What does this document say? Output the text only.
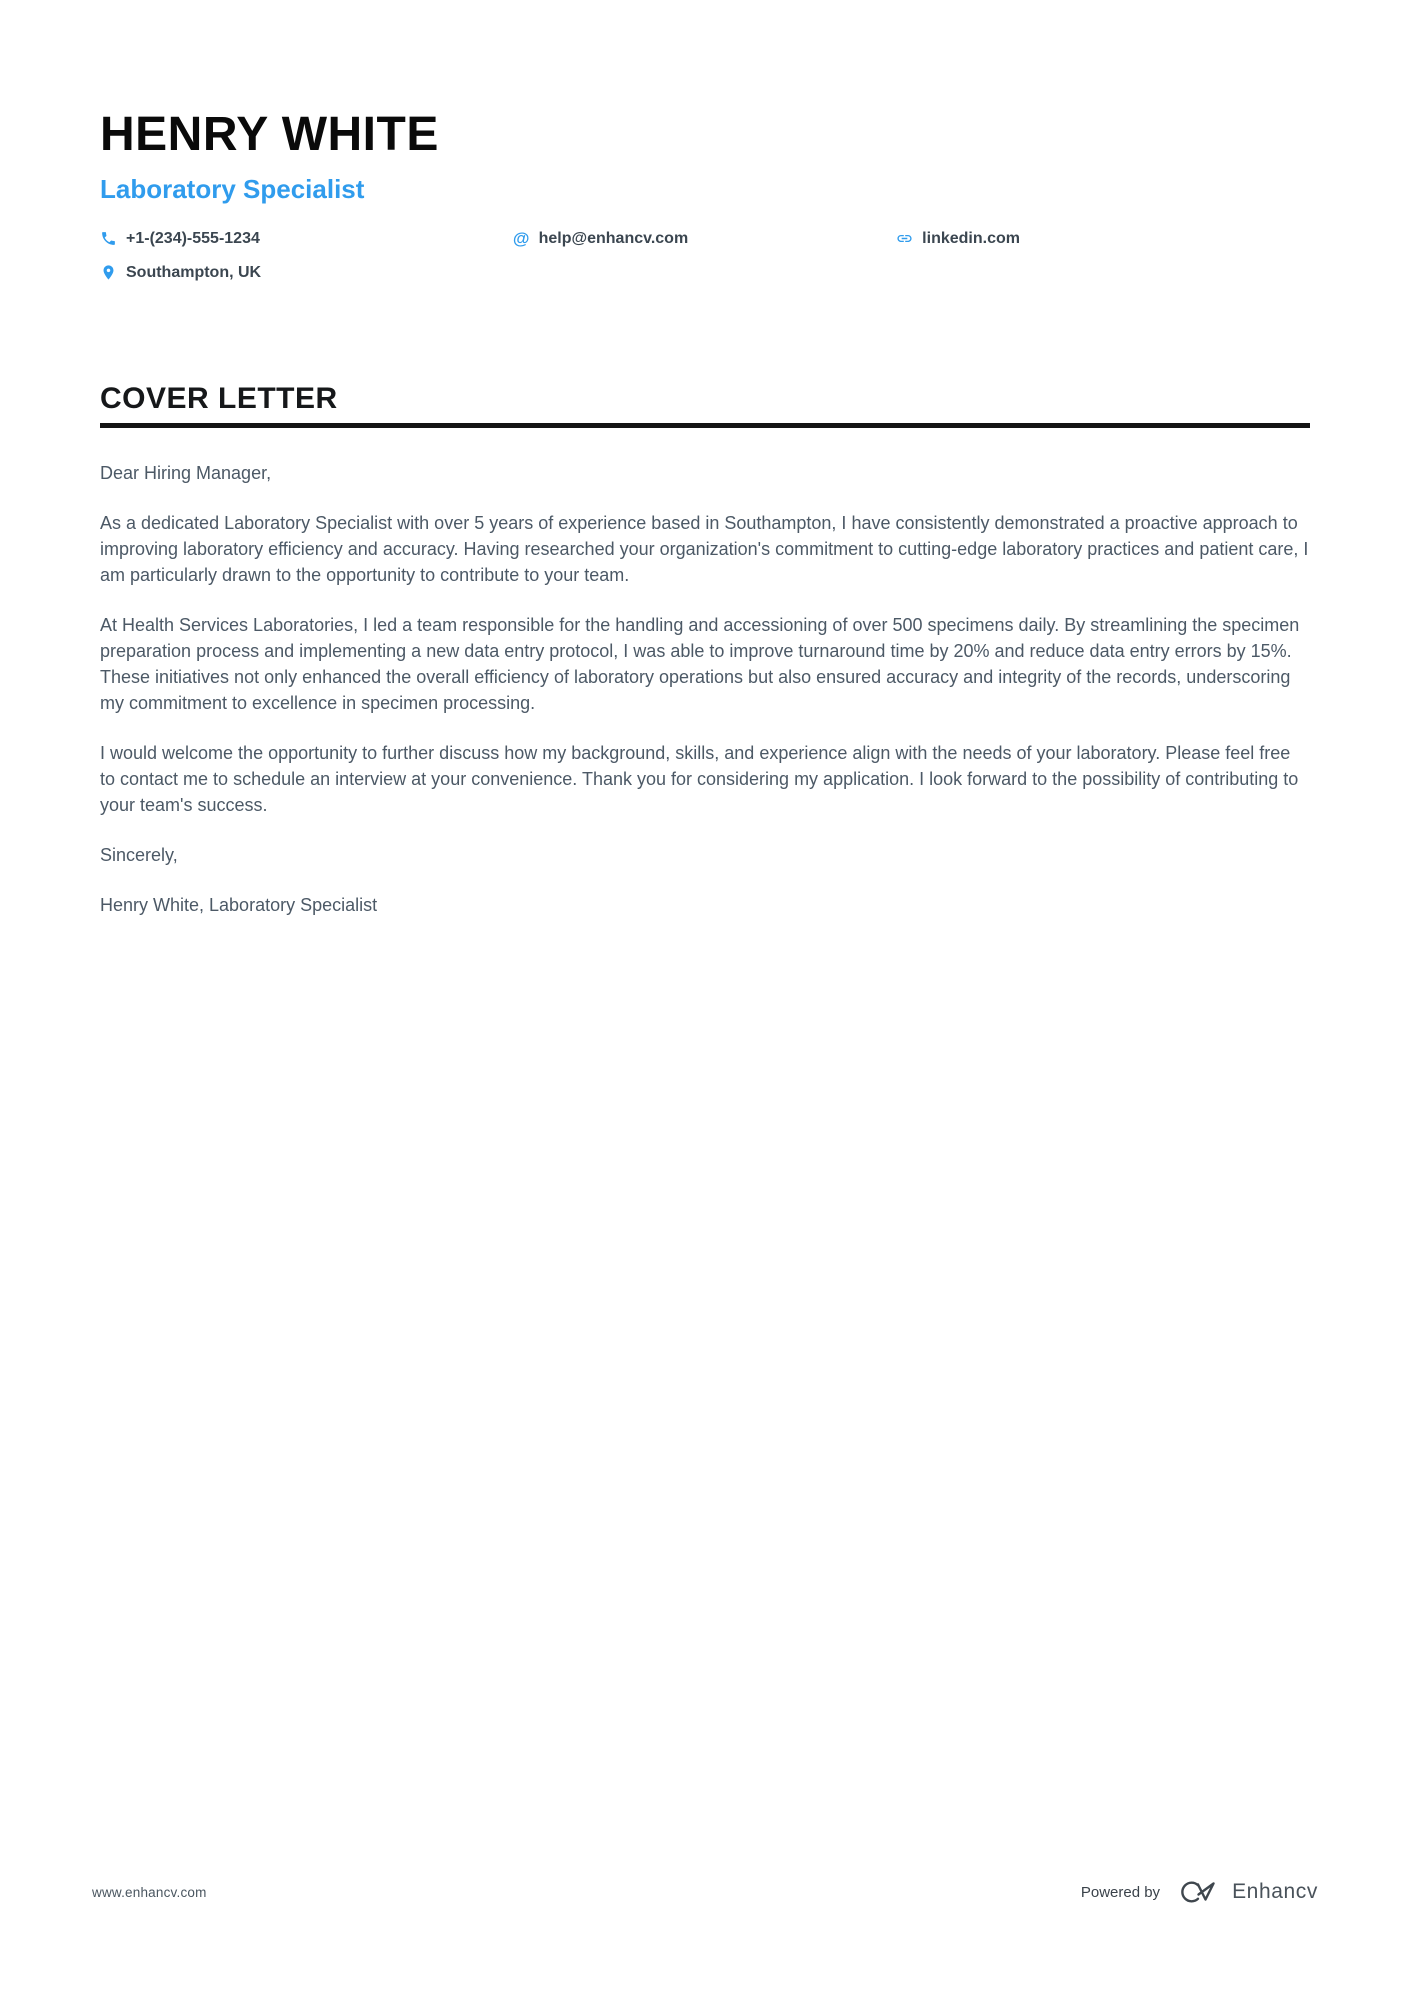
HENRY WHITE
Laboratory Specialist
+1-(234)-555-1234	@ help@enhancv.com	linkedin.com
Southampton, UK
COVER LETTER

Dear Hiring Manager,

As a dedicated Laboratory Specialist with over 5 years of experience based in Southampton, I have consistently demonstrated a proactive approach to improving laboratory efficiency and accuracy. Having researched your organization's commitment to cutting-edge laboratory practices and patient care, I am particularly drawn to the opportunity to contribute to your team.

At Health Services Laboratories, I led a team responsible for the handling and accessioning of over 500 specimens daily. By streamlining the specimen preparation process and implementing a new data entry protocol, I was able to improve turnaround time by 20% and reduce data entry errors by 15%. These initiatives not only enhanced the overall efficiency of laboratory operations but also ensured accuracy and integrity of the records, underscoring my commitment to excellence in specimen processing.

I would welcome the opportunity to further discuss how my background, skills, and experience align with the needs of your laboratory. Please feel free to contact me to schedule an interview at your convenience. Thank you for considering my application. I look forward to the possibility of contributing to your team's success.

Sincerely,

Henry White, Laboratory Specialist

www.enhancv.com	Powered by	Enhancv
